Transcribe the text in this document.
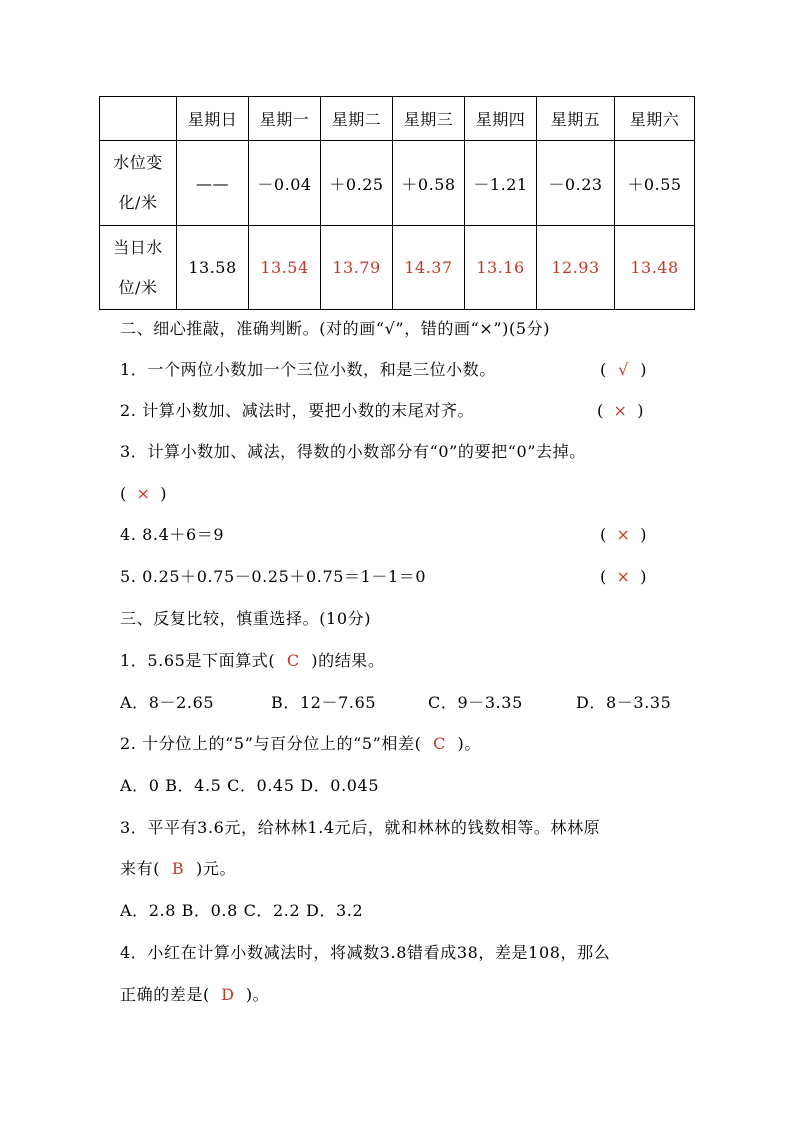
	星期日	星期一	星期二	星期三	星期四	星期五	星期六
水位变
化/米	——	－0.04	＋0.25	＋0.58	－1.21	－0.23	＋0.55
当日水
位/米	13.58	13.54	13.79	14.37	13.16	12.93	13.48
二、细心推敲，准确判断。(对的画“√”，错的画“×”)(5分)
1．一个两位小数加一个三位小数，和是三位小数。	( √ )
2. 计算小数加、减法时，要把小数的末尾对齐。	( × )
3．计算小数加、减法，得数的小数部分有“0”的要把“0”去掉。
( × )
4. 8.4＋6＝9	( × )
5. 0.25＋0.75－0.25＋0.75＝1－1＝0	( × )
三、反复比较，慎重选择。(10分)
1．5.65是下面算式( C )的结果。
A．8－2.65	B．12－7.65	C．9－3.35	D．8－3.35
2. 十分位上的“5”与百分位上的“5”相差( C )。
A．0 B．4.5 C．0.45 D．0.045
3．平平有3.6元，给林林1.4元后，就和林林的钱数相等。林林原
来有( B )元。
A．2.8 B．0.8 C．2.2 D．3.2
4．小红在计算小数减法时，将减数3.8错看成38，差是108，那么
正确的差是( D )。
